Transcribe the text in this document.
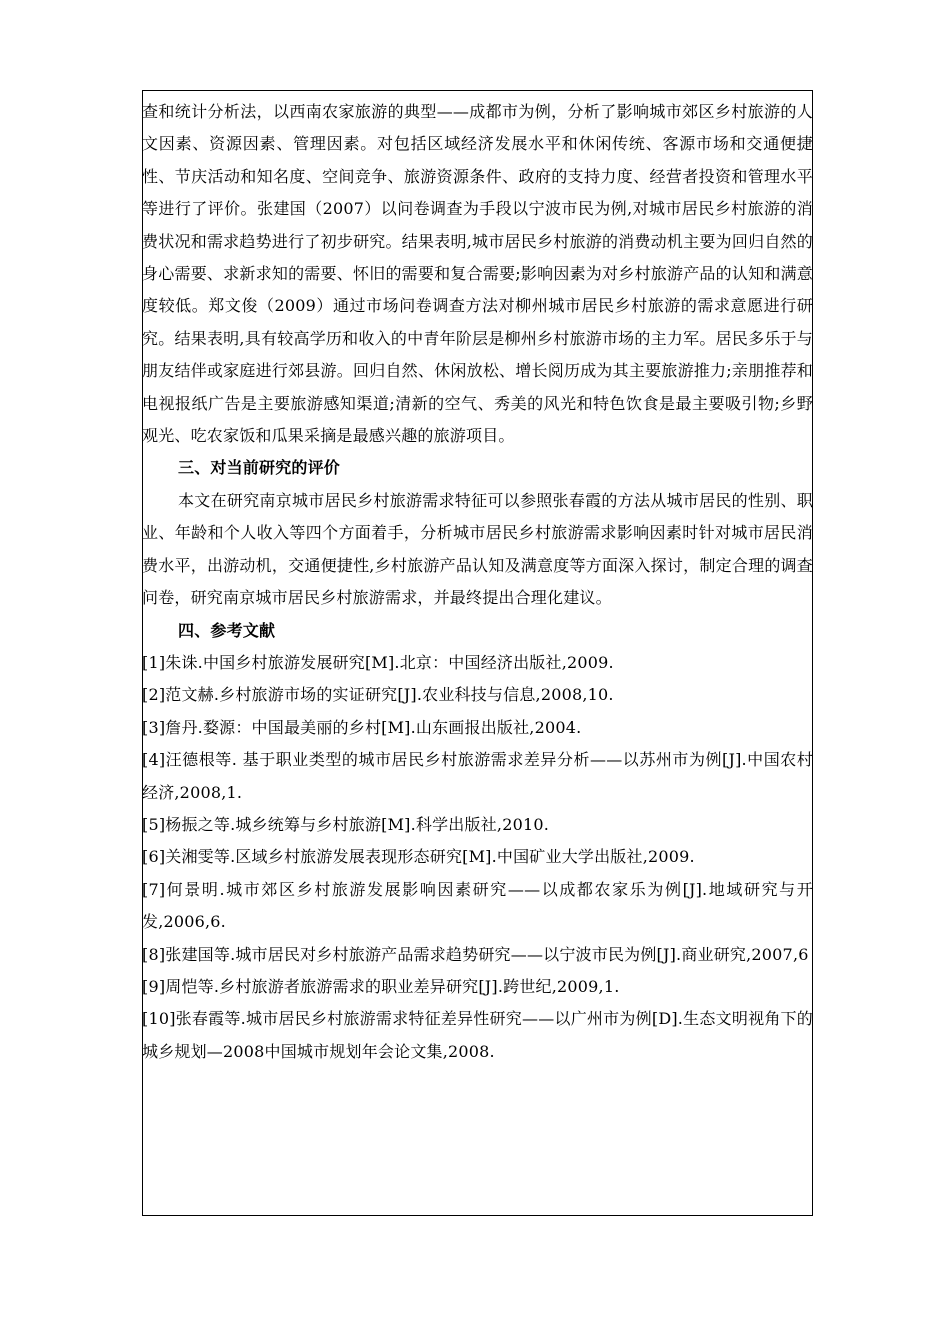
查和统计分析法，以西南农家旅游的典型——成都市为例，分析了影响城市郊区乡村旅游的人文因素、资源因素、管理因素。对包括区域经济发展水平和休闲传统、客源市场和交通便捷性、节庆活动和知名度、空间竞争、旅游资源条件、政府的支持力度、经营者投资和管理水平等进行了评价。张建国（2007）以问卷调查为手段以宁波市民为例,对城市居民乡村旅游的消费状况和需求趋势进行了初步研究。结果表明,城市居民乡村旅游的消费动机主要为回归自然的身心需要、求新求知的需要、怀旧的需要和复合需要;影响因素为对乡村旅游产品的认知和满意度较低。郑文俊（2009）通过市场问卷调查方法对柳州城市居民乡村旅游的需求意愿进行研究。结果表明,具有较高学历和收入的中青年阶层是柳州乡村旅游市场的主力军。居民多乐于与朋友结伴或家庭进行郊县游。回归自然、休闲放松、增长阅历成为其主要旅游推力;亲朋推荐和电视报纸广告是主要旅游感知渠道;清新的空气、秀美的风光和特色饮食是最主要吸引物;乡野观光、吃农家饭和瓜果采摘是最感兴趣的旅游项目。

三、对当前研究的评价

本文在研究南京城市居民乡村旅游需求特征可以参照张春霞的方法从城市居民的性别、职业、年龄和个人收入等四个方面着手，分析城市居民乡村旅游需求影响因素时针对城市居民消费水平，出游动机，交通便捷性,乡村旅游产品认知及满意度等方面深入探讨，制定合理的调查问卷，研究南京城市居民乡村旅游需求，并最终提出合理化建议。

四、参考文献

[1]朱诛.中国乡村旅游发展研究[M].北京：中国经济出版社,2009.
[2]范文赫.乡村旅游市场的实证研究[J].农业科技与信息,2008,10.
[3]詹丹.婺源：中国最美丽的乡村[M].山东画报出版社,2004.
[4]汪德根等. 基于职业类型的城市居民乡村旅游需求差异分析——以苏州市为例[J].中国农村经济,2008,1.
[5]杨振之等.城乡统筹与乡村旅游[M].科学出版社,2010.
[6]关湘雯等.区域乡村旅游发展表现形态研究[M].中国矿业大学出版社,2009.
[7]何景明.城市郊区乡村旅游发展影响因素研究——以成都农家乐为例[J].地域研究与开发,2006,6.
[8]张建国等.城市居民对乡村旅游产品需求趋势研究——以宁波市民为例[J].商业研究,2007,6
[9]周恺等.乡村旅游者旅游需求的职业差异研究[J].跨世纪,2009,1.
[10]张春霞等.城市居民乡村旅游需求特征差异性研究——以广州市为例[D].生态文明视角下的城乡规划—2008中国城市规划年会论文集,2008.
